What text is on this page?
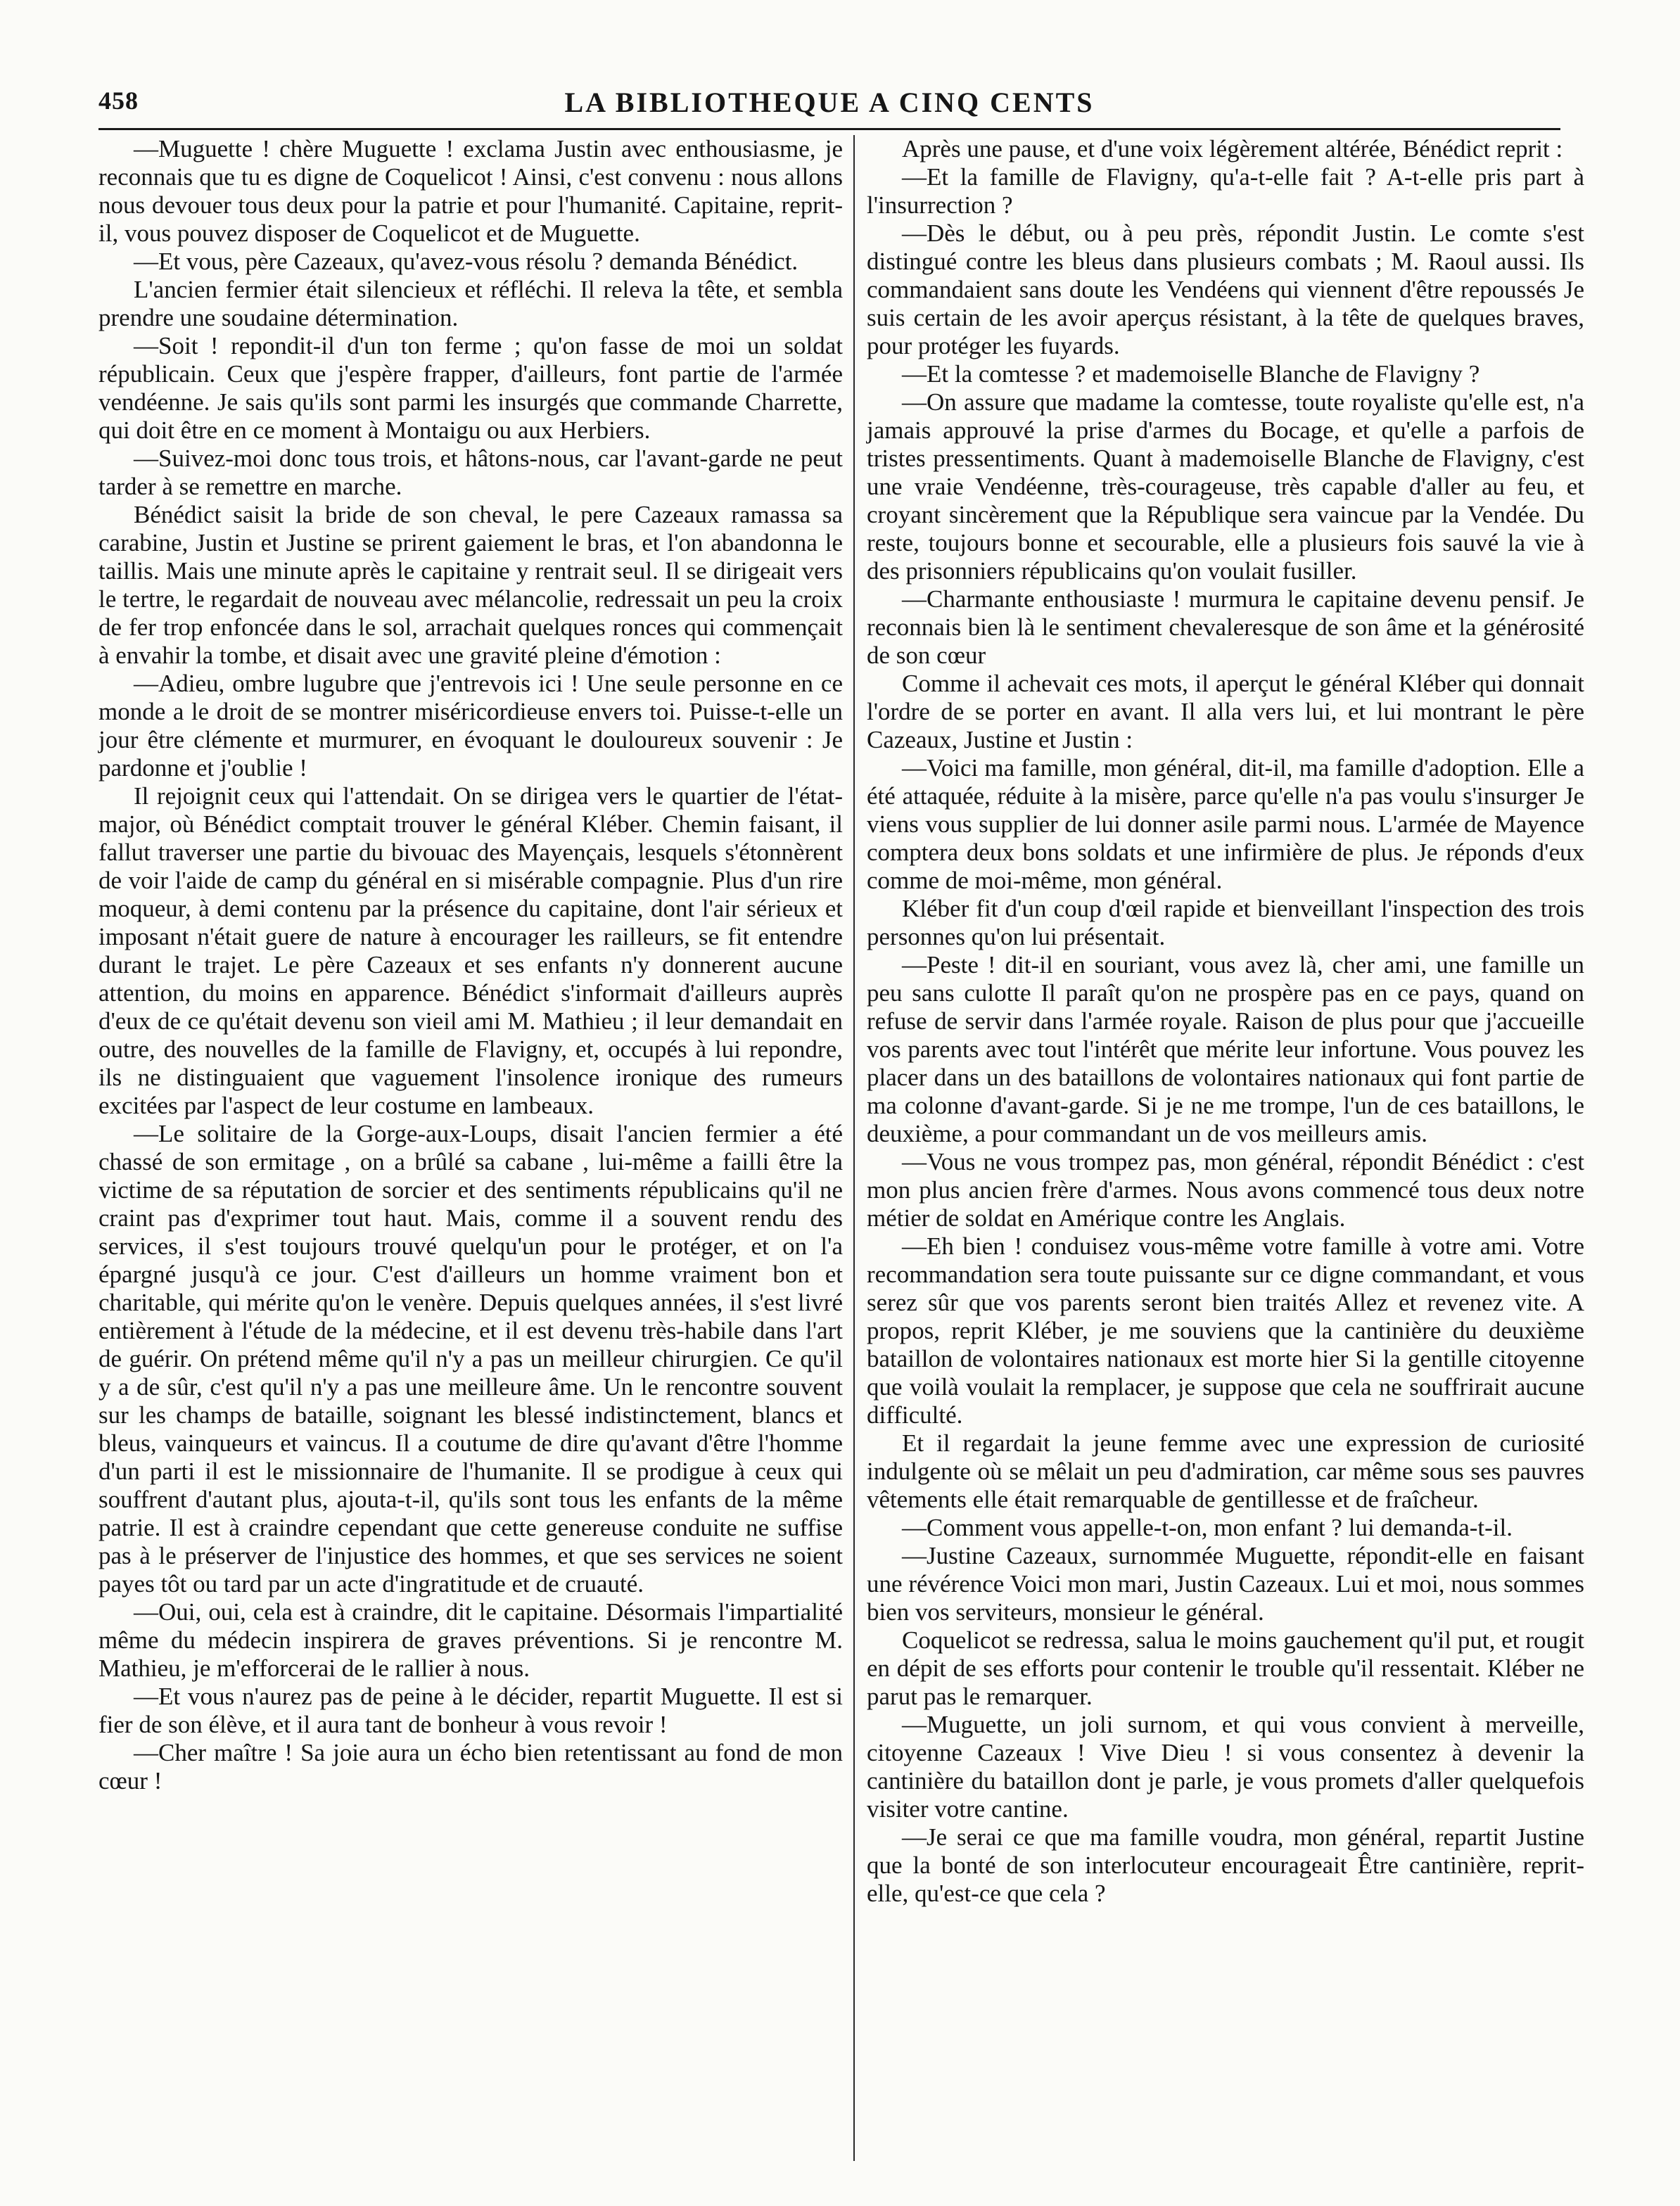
458	LA BIBLIOTHEQUE A CINQ CENTS

—Muguette ! chère Muguette ! exclama Justin avec enthousiasme, je reconnais que tu es digne de Coquelicot ! Ainsi, c'est convenu : nous allons nous devouer tous deux pour la patrie et pour l'humanité. Capitaine, reprit-il, vous pouvez disposer de Coquelicot et de Muguette.

—Et vous, père Cazeaux, qu'avez-vous résolu ? demanda Bénédict.

L'ancien fermier était silencieux et réfléchi. Il releva la tête, et sembla prendre une soudaine détermination.

—Soit ! repondit-il d'un ton ferme ; qu'on fasse de moi un soldat républicain. Ceux que j'espère frapper, d'ailleurs, font partie de l'armée vendéenne. Je sais qu'ils sont parmi les insurgés que commande Charrette, qui doit être en ce moment à Montaigu ou aux Herbiers.

—Suivez-moi donc tous trois, et hâtons-nous, car l'avant-garde ne peut tarder à se remettre en marche.

Bénédict saisit la bride de son cheval, le pere Cazeaux ramassa sa carabine, Justin et Justine se prirent gaiement le bras, et l'on abandonna le taillis. Mais une minute après le capitaine y rentrait seul. Il se dirigeait vers le tertre, le regardait de nouveau avec mélancolie, redressait un peu la croix de fer trop enfoncée dans le sol, arrachait quelques ronces qui commençait à envahir la tombe, et disait avec une gravité pleine d'émotion :

—Adieu, ombre lugubre que j'entrevois ici ! Une seule personne en ce monde a le droit de se montrer miséricordieuse envers toi. Puisse-t-elle un jour être clémente et murmurer, en évoquant le douloureux souvenir : Je pardonne et j'oublie !

Il rejoignit ceux qui l'attendait. On se dirigea vers le quartier de l'état-major, où Bénédict comptait trouver le général Kléber. Chemin faisant, il fallut traverser une partie du bivouac des Mayençais, lesquels s'étonnèrent de voir l'aide de camp du général en si misérable compagnie. Plus d'un rire moqueur, à demi contenu par la présence du capitaine, dont l'air sérieux et imposant n'était guere de nature à encourager les railleurs, se fit entendre durant le trajet. Le père Cazeaux et ses enfants n'y donnerent aucune attention, du moins en apparence. Bénédict s'informait d'ailleurs auprès d'eux de ce qu'était devenu son vieil ami M. Mathieu ; il leur demandait en outre, des nouvelles de la famille de Flavigny, et, occupés à lui repondre, ils ne distinguaient que vaguement l'insolence ironique des rumeurs excitées par l'aspect de leur costume en lambeaux.

—Le solitaire de la Gorge-aux-Loups, disait l'ancien fermier a été chassé de son ermitage , on a brûlé sa cabane , lui-même a failli être la victime de sa réputation de sorcier et des sentiments républicains qu'il ne craint pas d'exprimer tout haut. Mais, comme il a souvent rendu des services, il s'est toujours trouvé quelqu'un pour le protéger, et on l'a épargné jusqu'à ce jour. C'est d'ailleurs un homme vraiment bon et charitable, qui mérite qu'on le venère. Depuis quelques années, il s'est livré entièrement à l'étude de la médecine, et il est devenu très-habile dans l'art de guérir. On prétend même qu'il n'y a pas un meilleur chirurgien. Ce qu'il y a de sûr, c'est qu'il n'y a pas une meilleure âme. Un le rencontre souvent sur les champs de bataille, soignant les blessé indistinctement, blancs et bleus, vainqueurs et vaincus. Il a coutume de dire qu'avant d'être l'homme d'un parti il est le missionnaire de l'humanite. Il se prodigue à ceux qui souffrent d'autant plus, ajouta-t-il, qu'ils sont tous les enfants de la même patrie. Il est à craindre cependant que cette genereuse conduite ne suffise pas à le préserver de l'injustice des hommes, et que ses services ne soient payes tôt ou tard par un acte d'ingratitude et de cruauté.

—Oui, oui, cela est à craindre, dit le capitaine. Désormais l'impartialité même du médecin inspirera de graves préventions. Si je rencontre M. Mathieu, je m'efforcerai de le rallier à nous.

—Et vous n'aurez pas de peine à le décider, repartit Muguette. Il est si fier de son élève, et il aura tant de bonheur à vous revoir !

—Cher maître ! Sa joie aura un écho bien retentissant au fond de mon cœur !

Après une pause, et d'une voix légèrement altérée, Bénédict reprit :

—Et la famille de Flavigny, qu'a-t-elle fait ? A-t-elle pris part à l'insurrection ?

—Dès le début, ou à peu près, répondit Justin. Le comte s'est distingué contre les bleus dans plusieurs combats ; M. Raoul aussi. Ils commandaient sans doute les Vendéens qui viennent d'être repoussés Je suis certain de les avoir aperçus résistant, à la tête de quelques braves, pour protéger les fuyards.

—Et la comtesse ? et mademoiselle Blanche de Flavigny ?

—On assure que madame la comtesse, toute royaliste qu'elle est, n'a jamais approuvé la prise d'armes du Bocage, et qu'elle a parfois de tristes pressentiments. Quant à mademoiselle Blanche de Flavigny, c'est une vraie Vendéenne, très-courageuse, très capable d'aller au feu, et croyant sincèrement que la République sera vaincue par la Vendée. Du reste, toujours bonne et secourable, elle a plusieurs fois sauvé la vie à des prisonniers républicains qu'on voulait fusiller.

—Charmante enthousiaste ! murmura le capitaine devenu pensif. Je reconnais bien là le sentiment chevaleresque de son âme et la générosité de son cœur

Comme il achevait ces mots, il aperçut le général Kléber qui donnait l'ordre de se porter en avant. Il alla vers lui, et lui montrant le père Cazeaux, Justine et Justin :

—Voici ma famille, mon général, dit-il, ma famille d'adoption. Elle a été attaquée, réduite à la misère, parce qu'elle n'a pas voulu s'insurger Je viens vous supplier de lui donner asile parmi nous. L'armée de Mayence comptera deux bons soldats et une infirmière de plus. Je réponds d'eux comme de moi-même, mon général.

Kléber fit d'un coup d'œil rapide et bienveillant l'inspection des trois personnes qu'on lui présentait.

—Peste ! dit-il en souriant, vous avez là, cher ami, une famille un peu sans culotte Il paraît qu'on ne prospère pas en ce pays, quand on refuse de servir dans l'armée royale. Raison de plus pour que j'accueille vos parents avec tout l'intérêt que mérite leur infortune. Vous pouvez les placer dans un des bataillons de volontaires nationaux qui font partie de ma colonne d'avant-garde. Si je ne me trompe, l'un de ces bataillons, le deuxième, a pour commandant un de vos meilleurs amis.

—Vous ne vous trompez pas, mon général, répondit Bénédict : c'est mon plus ancien frère d'armes. Nous avons commencé tous deux notre métier de soldat en Amérique contre les Anglais.

—Eh bien ! conduisez vous-même votre famille à votre ami. Votre recommandation sera toute puissante sur ce digne commandant, et vous serez sûr que vos parents seront bien traités Allez et revenez vite. A propos, reprit Kléber, je me souviens que la cantinière du deuxième bataillon de volontaires nationaux est morte hier Si la gentille citoyenne que voilà voulait la remplacer, je suppose que cela ne souffrirait aucune difficulté.

Et il regardait la jeune femme avec une expression de curiosité indulgente où se mêlait un peu d'admiration, car même sous ses pauvres vêtements elle était remarquable de gentillesse et de fraîcheur.

—Comment vous appelle-t-on, mon enfant ? lui demanda-t-il.

—Justine Cazeaux, surnommée Muguette, répondit-elle en faisant une révérence Voici mon mari, Justin Cazeaux. Lui et moi, nous sommes bien vos serviteurs, monsieur le général.

Coquelicot se redressa, salua le moins gauchement qu'il put, et rougit en dépit de ses efforts pour contenir le trouble qu'il ressentait. Kléber ne parut pas le remarquer.

—Muguette, un joli surnom, et qui vous convient à merveille, citoyenne Cazeaux ! Vive Dieu ! si vous consentez à devenir la cantinière du bataillon dont je parle, je vous promets d'aller quelquefois visiter votre cantine.

—Je serai ce que ma famille voudra, mon général, repartit Justine que la bonté de son interlocuteur encourageait Être cantinière, reprit-elle, qu'est-ce que cela ?
